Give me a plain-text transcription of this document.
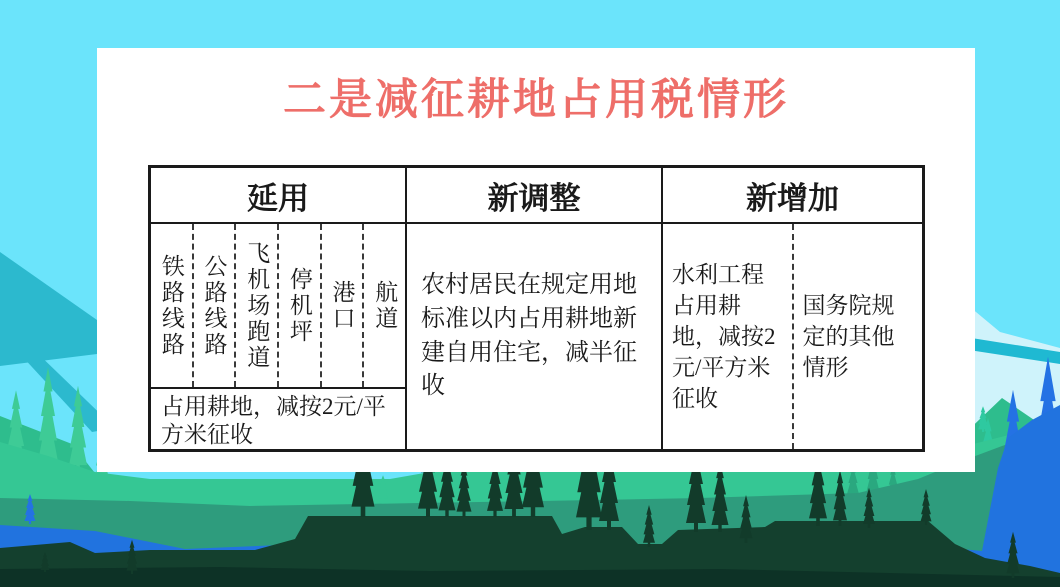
二是减征耕地占用税情形
延用	新调整	新增加
铁路线路 公路线路 飞机场跑道 停机坪 港口 航道
占用耕地，减按2元/平方米征收

农村居民在规定用地标准以内占用耕地新建自用住宅，减半征收

水利工程占用耕地，减按2元/平方米征收
国务院规定的其他情形
